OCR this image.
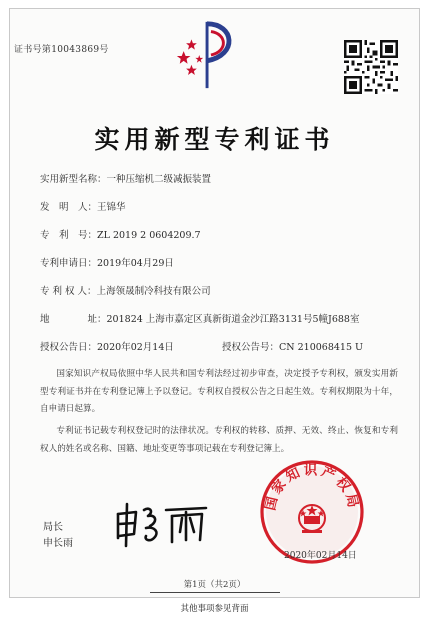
证书号第10043869号
实用新型专利证书
实用新型名称：一种压缩机二级减振装置
发　明　人：王锦华
专　利　号：ZL 2019 2 0604209.7
专利申请日：2019年04月29日
专 利 权 人：上海领晟制冷科技有限公司
地　　　　址：201824 上海市嘉定区真新街道金沙江路3131号5幢J688室
授权公告日：2020年02月14日	授权公告号：CN 210068415 U
国家知识产权局依照中华人民共和国专利法经过初步审查，决定授予专利权，颁发实用新型专利证书并在专利登记簿上予以登记。专利权自授权公告之日起生效。专利权期限为十年，自申请日起算。
专利证书记载专利权登记时的法律状况。专利权的转移、质押、无效、终止、恢复和专利权人的姓名或名称、国籍、地址变更等事项记载在专利登记簿上。
局长
申长雨
国家知识产权局
2020年02月14日
第1页（共2页）
其他事项参见背面
